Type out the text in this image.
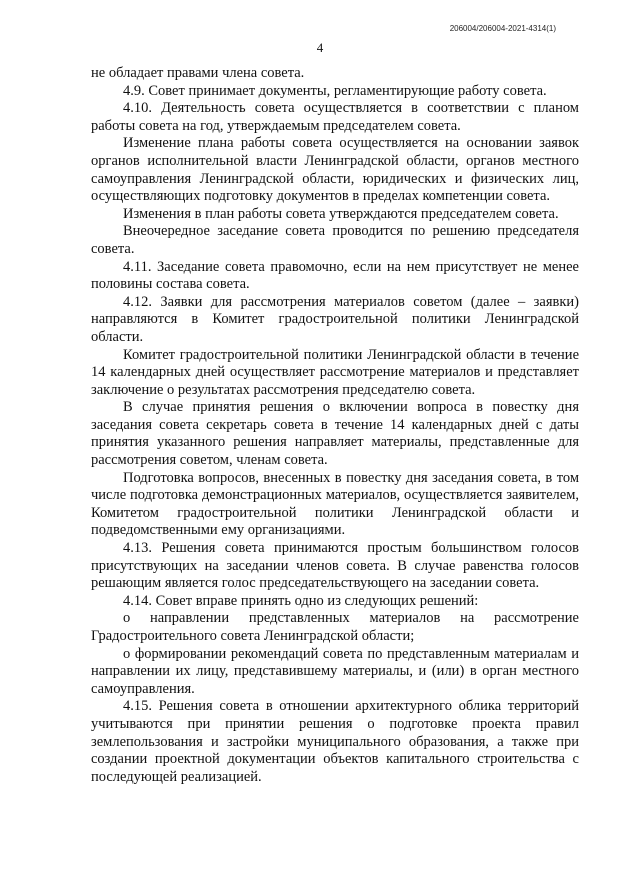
206004/206004-2021-4314(1)
4

не обладает правами члена совета.

4.9. Совет принимает документы, регламентирующие работу совета.

4.10. Деятельность совета осуществляется в соответствии с планом работы совета на год, утверждаемым председателем совета.

Изменение плана работы совета осуществляется на основании заявок органов исполнительной власти Ленинградской области, органов местного самоуправления Ленинградской области, юридических и физических лиц, осуществляющих подготовку документов в пределах компетенции совета.

Изменения в план работы совета утверждаются председателем совета.

Внеочередное заседание совета проводится по решению председателя совета.

4.11. Заседание совета правомочно, если на нем присутствует не менее половины состава совета.

4.12. Заявки для рассмотрения материалов советом (далее – заявки) направляются в Комитет градостроительной политики Ленинградской области.

Комитет градостроительной политики Ленинградской области в течение 14 календарных дней осуществляет рассмотрение материалов и представляет заключение о результатах рассмотрения председателю совета.

В случае принятия решения о включении вопроса в повестку дня заседания совета секретарь совета в течение 14 календарных дней с даты принятия указанного решения направляет материалы, представленные для рассмотрения советом, членам совета.

Подготовка вопросов, внесенных в повестку дня заседания совета, в том числе подготовка демонстрационных материалов, осуществляется заявителем, Комитетом градостроительной политики Ленинградской области и подведомственными ему организациями.

4.13. Решения совета принимаются простым большинством голосов присутствующих на заседании членов совета. В случае равенства голосов решающим является голос председательствующего на заседании совета.

4.14. Совет вправе принять одно из следующих решений:

о направлении представленных материалов на рассмотрение Градостроительного совета Ленинградской области;

о формировании рекомендаций совета по представленным материалам и направлении их лицу, представившему материалы, и (или) в орган местного самоуправления.

4.15. Решения совета в отношении архитектурного облика территорий учитываются при принятии решения о подготовке проекта правил землепользования и застройки муниципального образования, а также при создании проектной документации объектов капитального строительства с последующей реализацией.
